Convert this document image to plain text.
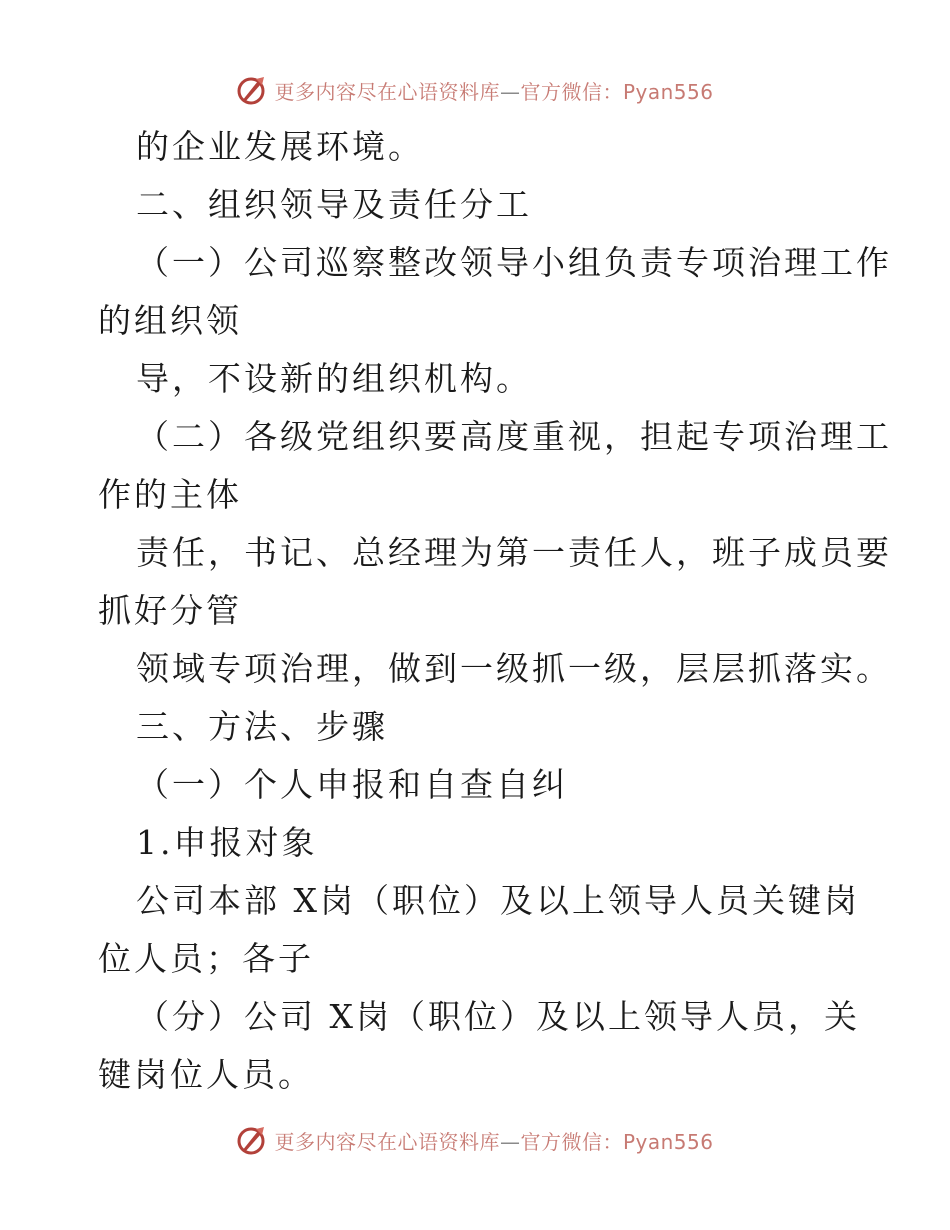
更多内容尽在心语资料库—官方微信：Pyan556
的企业发展环境。
二、组织领导及责任分工
（一）公司巡察整改领导小组负责专项治理工作
的组织领
导，不设新的组织机构。
（二）各级党组织要高度重视，担起专项治理工
作的主体
责任，书记、总经理为第一责任人，班子成员要
抓好分管
领域专项治理，做到一级抓一级，层层抓落实。
三、方法、步骤
（一）个人申报和自查自纠
1.申报对象
公司本部 X岗（职位）及以上领导人员关键岗
位人员；各子
（分）公司 X岗（职位）及以上领导人员，关
键岗位人员。
更多内容尽在心语资料库—官方微信：Pyan556
